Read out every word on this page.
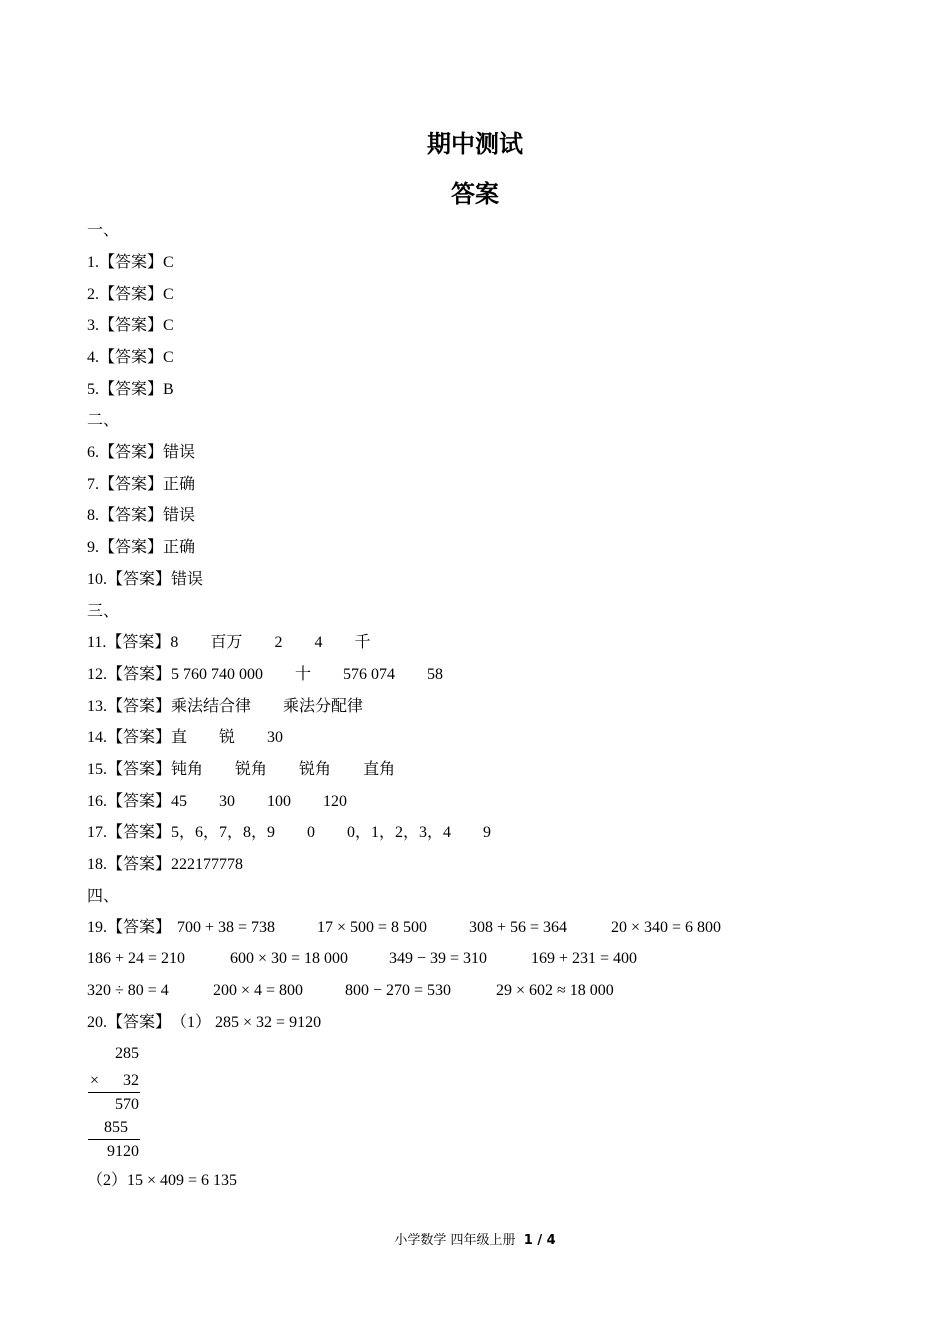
期中测试
答案
一、
1.【答案】C
2.【答案】C
3.【答案】C
4.【答案】C
5.【答案】B
二、
6.【答案】错误
7.【答案】正确
8.【答案】错误
9.【答案】正确
10.【答案】错误
三、
11.【答案】8 百万 2 4 千
12.【答案】5 760 740 000 十 576 074 58
13.【答案】乘法结合律 乘法分配律
14.【答案】直 锐 30
15.【答案】钝角 锐角 锐角 直角
16.【答案】45 30 100 120
17.【答案】5，6，7，8，9 0 0，1，2，3，4 9
18.【答案】222177778
四、
19.【答案】 700 + 38 = 738	17 × 500 = 8 500	308 + 56 = 364	20 × 340 = 6 800
186 + 24 = 210	600 × 30 = 18 000	349 − 39 = 310	169 + 231 = 400
320 ÷ 80 = 4	200 × 4 = 800	800 − 270 = 530	29 × 602 ≈ 18 000
20.【答案】（1） 285 × 32 = 9120
285
×	32
570
855
9120
（2）15 × 409 = 6 135
小学数学 四年级上册 1 / 4
